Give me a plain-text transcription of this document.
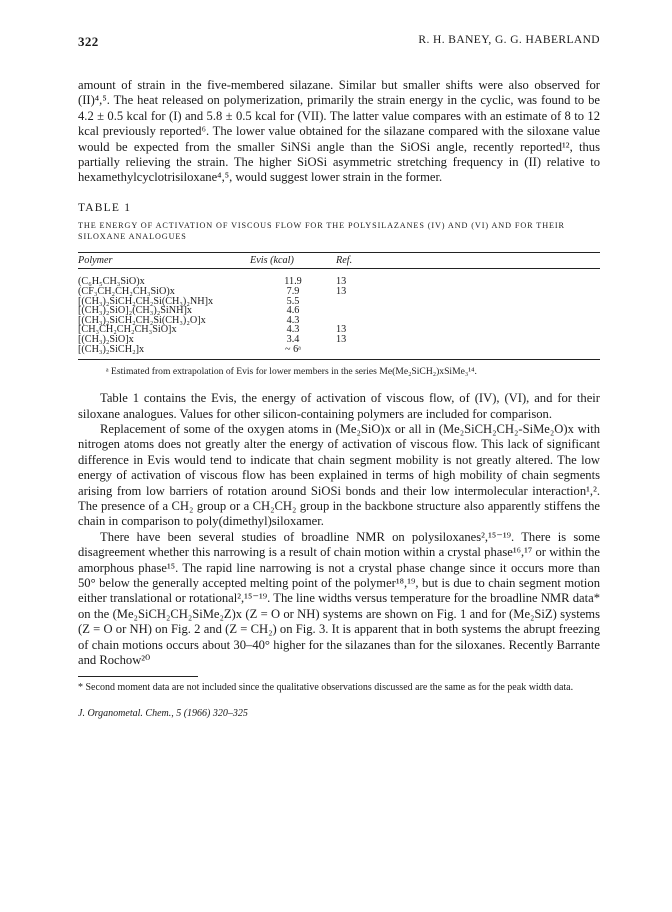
322	R. H. BANEY, G. G. HABERLAND

amount of strain in the five-membered silazane. Similar but smaller shifts were also observed for (II)⁴,⁵. The heat released on polymerization, primarily the strain energy in the cyclic, was found to be 4.2 ± 0.5 kcal for (I) and 5.8 ± 0.5 kcal for (VII). The latter value compares with an estimate of 8 to 12 kcal previously reported⁶. The lower value obtained for the silazane compared with the siloxane value would be expected from the smaller SiNSi angle than the SiOSi angle, recently reported¹², thus partially relieving the strain. The higher SiOSi asymmetric stretching frequency in (II) relative to hexamethylcyclotrisiloxane⁴,⁵, would suggest lower strain in the former.

TABLE 1
THE ENERGY OF ACTIVATION OF VISCOUS FLOW FOR THE POLYSILAZANES (IV) AND (VI) AND FOR THEIR SILOXANE ANALOGUES
Polymer	Evis (kcal)	Ref.
(C₆H₅CH₃SiO)x	11.9	13
(CF₃CH₂CH₂CH₃SiO)x	7.9	13
[(CH₃)₂SiCH₂CH₂Si(CH₃)₂NH]x	5.5	
[(CH₃)₂SiO]₂(CH₃)₂SiNH]x	4.6	
[(CH₃)₂SiCH₂CH₂Si(CH₃)₂O]x	4.3	
[CH₃CH₂CH₂CH₃SiO]x	4.3	13
[(CH₃)₂SiO]x	3.4	13
[(CH₃)₂SiCH₂]x	~ 6ᵃ	
ᵃ Estimated from extrapolation of Evis for lower members in the series Me(Me₂SiCH₂)xSiMe₃¹⁴.

Table 1 contains the Evis, the energy of activation of viscous flow, of (IV), (VI), and for their siloxane analogues. Values for other silicon-containing polymers are included for comparison.

Replacement of some of the oxygen atoms in (Me₂SiO)x or all in (Me₂SiCH₂CH₂-SiMe₂O)x with nitrogen atoms does not greatly alter the energy of activation of viscous flow. This lack of significant difference in Evis would tend to indicate that chain segment mobility is not greatly altered. The low energy of activation of viscous flow has been explained in terms of high mobility of chain segments arising from low barriers of rotation around SiOSi bonds and their low intermolecular interaction¹,². The presence of a CH₂ group or a CH₂CH₂ group in the backbone structure also apparently stiffens the chain in comparison to poly(dimethyl)siloxamer.

There have been several studies of broadline NMR on polysiloxanes²,¹⁵⁻¹⁹. There is some disagreement whether this narrowing is a result of chain motion within a crystal phase¹⁶,¹⁷ or within the amorphous phase¹⁵. The rapid line narrowing is not a crystal phase change since it occurs more than 50° below the generally accepted melting point of the polymer¹⁸,¹⁹, but is due to chain segment motion either translational or rotational²,¹⁵⁻¹⁹. The line widths versus temperature for the broadline NMR data* on the (Me₂SiCH₂CH₂SiMe₂Z)x (Z = O or NH) systems are shown on Fig. 1 and for (Me₂SiZ) systems (Z = O or NH) on Fig. 2 and (Z = CH₂) on Fig. 3. It is apparent that in both systems the abrupt freezing of chain motions occurs about 30–40° higher for the silazanes than for the siloxanes. Recently Barrante and Rochow²⁰

* Second moment data are not included since the qualitative observations discussed are the same as for the peak width data.
J. Organometal. Chem., 5 (1966) 320–325
